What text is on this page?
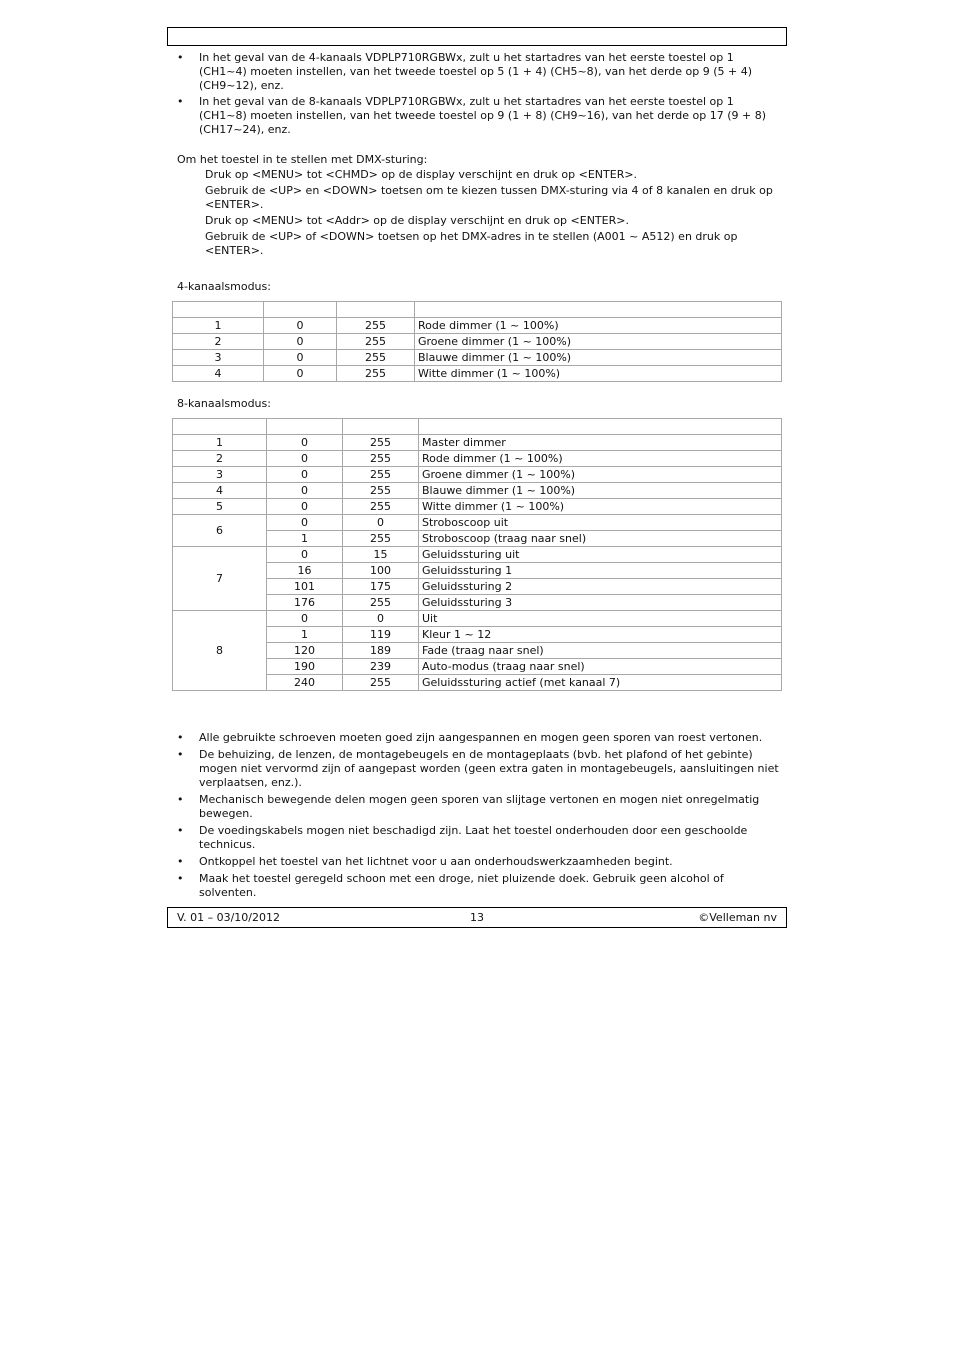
• In het geval van de 4-kanaals VDPLP710RGBWx, zult u het startadres van het eerste toestel op 1 (CH1~4) moeten instellen, van het tweede toestel op 5 (1 + 4) (CH5~8), van het derde op 9 (5 + 4) (CH9~12), enz.
• In het geval van de 8-kanaals VDPLP710RGBWx, zult u het startadres van het eerste toestel op 1 (CH1~8) moeten instellen, van het tweede toestel op 9 (1 + 8) (CH9~16), van het derde op 17 (9 + 8) (CH17~24), enz.
Om het toestel in te stellen met DMX-sturing:
Druk op <MENU> tot <CHMD> op de display verschijnt en druk op <ENTER>.
Gebruik de <UP> en <DOWN> toetsen om te kiezen tussen DMX-sturing via 4 of 8 kanalen en druk op <ENTER>.
Druk op <MENU> tot <Addr> op de display verschijnt en druk op <ENTER>.
Gebruik de <UP> of <DOWN> toetsen op het DMX-adres in te stellen (A001 ~ A512) en druk op <ENTER>.
4-kanaalsmodus:

1	0	255	Rode dimmer (1 ~ 100%)
2	0	255	Groene dimmer (1 ~ 100%)
3	0	255	Blauwe dimmer (1 ~ 100%)
4	0	255	Witte dimmer (1 ~ 100%)
8-kanaalsmodus:

1	0	255	Master dimmer
2	0	255	Rode dimmer (1 ~ 100%)
3	0	255	Groene dimmer (1 ~ 100%)
4	0	255	Blauwe dimmer (1 ~ 100%)
5	0	255	Witte dimmer (1 ~ 100%)
6	0	0	Stroboscoop uit
	1	255	Stroboscoop (traag naar snel)
7	0	15	Geluidssturing uit
	16	100	Geluidssturing 1
	101	175	Geluidssturing 2
	176	255	Geluidssturing 3
8	0	0	Uit
	1	119	Kleur 1 ~ 12
	120	189	Fade (traag naar snel)
	190	239	Auto-modus (traag naar snel)
	240	255	Geluidssturing actief (met kanaal 7)
• Alle gebruikte schroeven moeten goed zijn aangespannen en mogen geen sporen van roest vertonen.
• De behuizing, de lenzen, de montagebeugels en de montageplaats (bvb. het plafond of het gebinte) mogen niet vervormd zijn of aangepast worden (geen extra gaten in montagebeugels, aansluitingen niet verplaatsen, enz.).
• Mechanisch bewegende delen mogen geen sporen van slijtage vertonen en mogen niet onregelmatig bewegen.
• De voedingskabels mogen niet beschadigd zijn. Laat het toestel onderhouden door een geschoolde technicus.
• Ontkoppel het toestel van het lichtnet voor u aan onderhoudswerkzaamheden begint.
• Maak het toestel geregeld schoon met een droge, niet pluizende doek. Gebruik geen alcohol of solventen.
V. 01 – 03/10/2012	13	©Velleman nv
